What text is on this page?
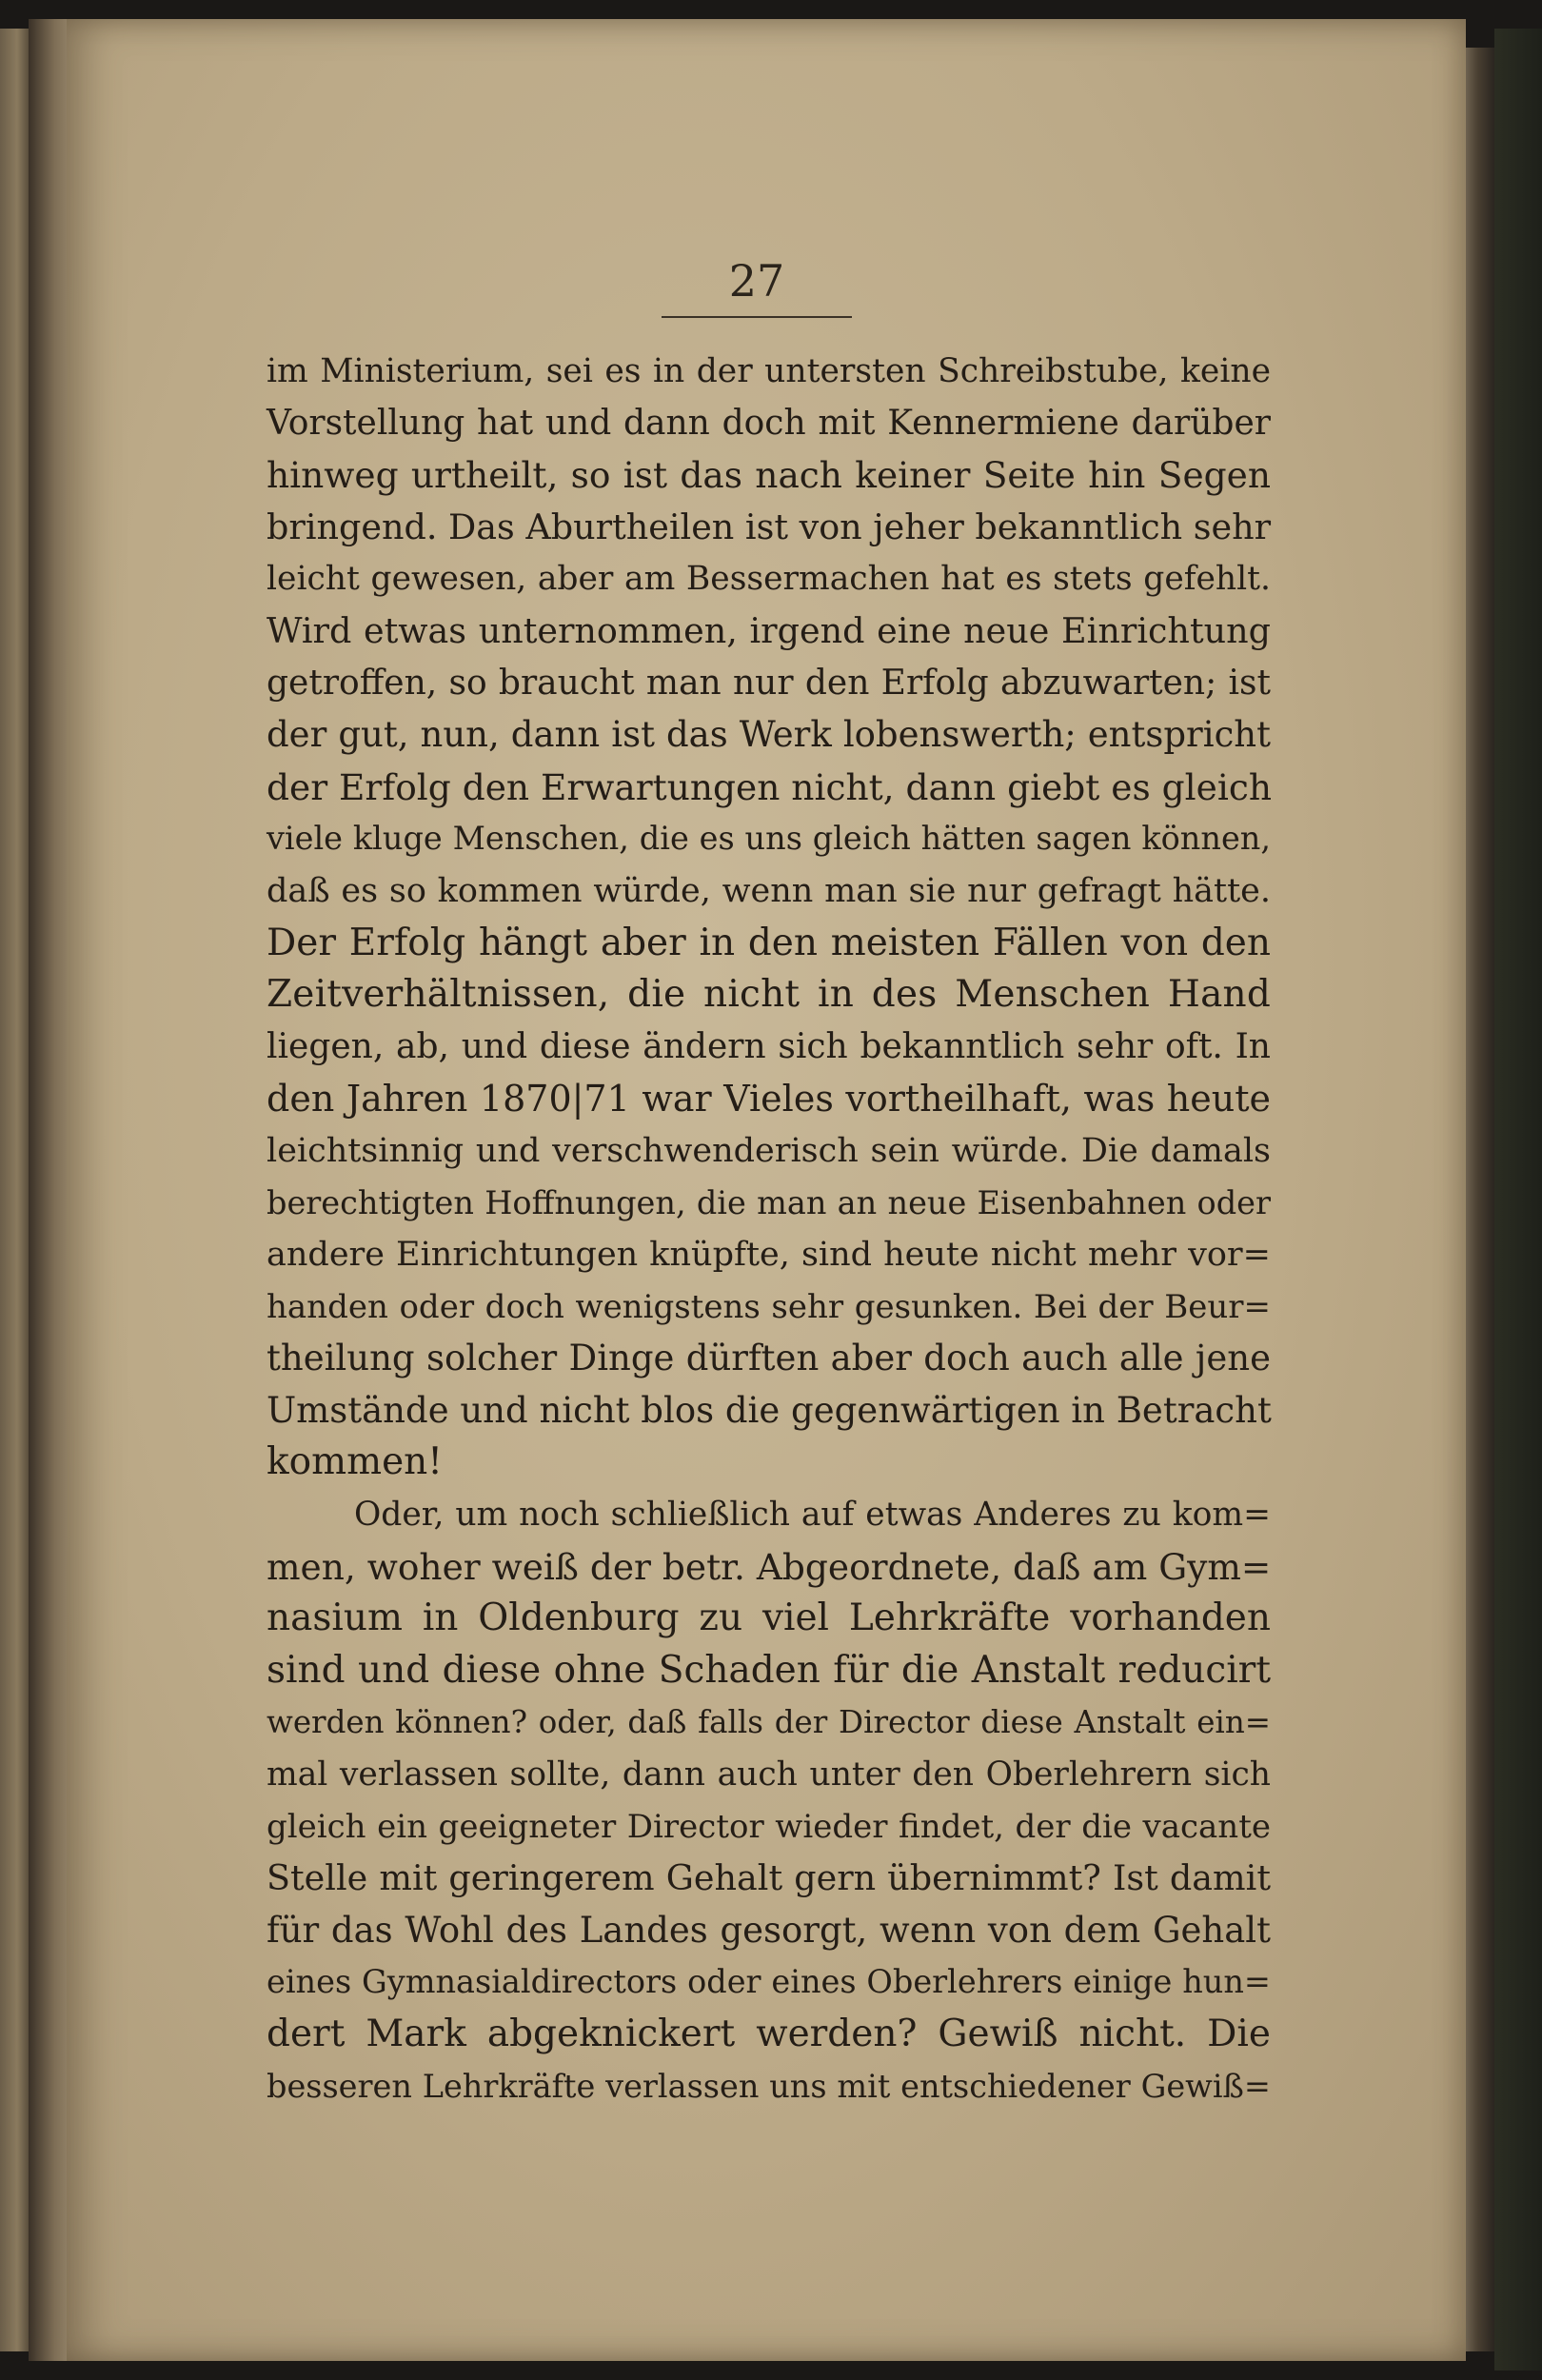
27
im Ministerium, sei es in der untersten Schreibstube, keine
Vorstellung hat und dann doch mit Kennermiene darüber
hinweg urtheilt, so ist das nach keiner Seite hin Segen
bringend. Das Aburtheilen ist von jeher bekanntlich sehr
leicht gewesen, aber am Bessermachen hat es stets gefehlt.
Wird etwas unternommen, irgend eine neue Einrichtung
getroffen, so braucht man nur den Erfolg abzuwarten; ist
der gut, nun, dann ist das Werk lobenswerth; entspricht
der Erfolg den Erwartungen nicht, dann giebt es gleich
viele kluge Menschen, die es uns gleich hätten sagen können,
daß es so kommen würde, wenn man sie nur gefragt hätte.
Der Erfolg hängt aber in den meisten Fällen von den
Zeitverhältnissen, die nicht in des Menschen Hand
liegen, ab, und diese ändern sich bekanntlich sehr oft. In
den Jahren 1870|71 war Vieles vortheilhaft, was heute
leichtsinnig und verschwenderisch sein würde. Die damals
berechtigten Hoffnungen, die man an neue Eisenbahnen oder
andere Einrichtungen knüpfte, sind heute nicht mehr vor=
handen oder doch wenigstens sehr gesunken. Bei der Beur=
theilung solcher Dinge dürften aber doch auch alle jene
Umstände und nicht blos die gegenwärtigen in Betracht
kommen!
Oder, um noch schließlich auf etwas Anderes zu kom=
men, woher weiß der betr. Abgeordnete, daß am Gym=
nasium in Oldenburg zu viel Lehrkräfte vorhanden
sind und diese ohne Schaden für die Anstalt reducirt
werden können? oder, daß falls der Director diese Anstalt ein=
mal verlassen sollte, dann auch unter den Oberlehrern sich
gleich ein geeigneter Director wieder findet, der die vacante
Stelle mit geringerem Gehalt gern übernimmt? Ist damit
für das Wohl des Landes gesorgt, wenn von dem Gehalt
eines Gymnasialdirectors oder eines Oberlehrers einige hun=
dert Mark abgeknickert werden? Gewiß nicht. Die
besseren Lehrkräfte verlassen uns mit entschiedener Gewiß=
